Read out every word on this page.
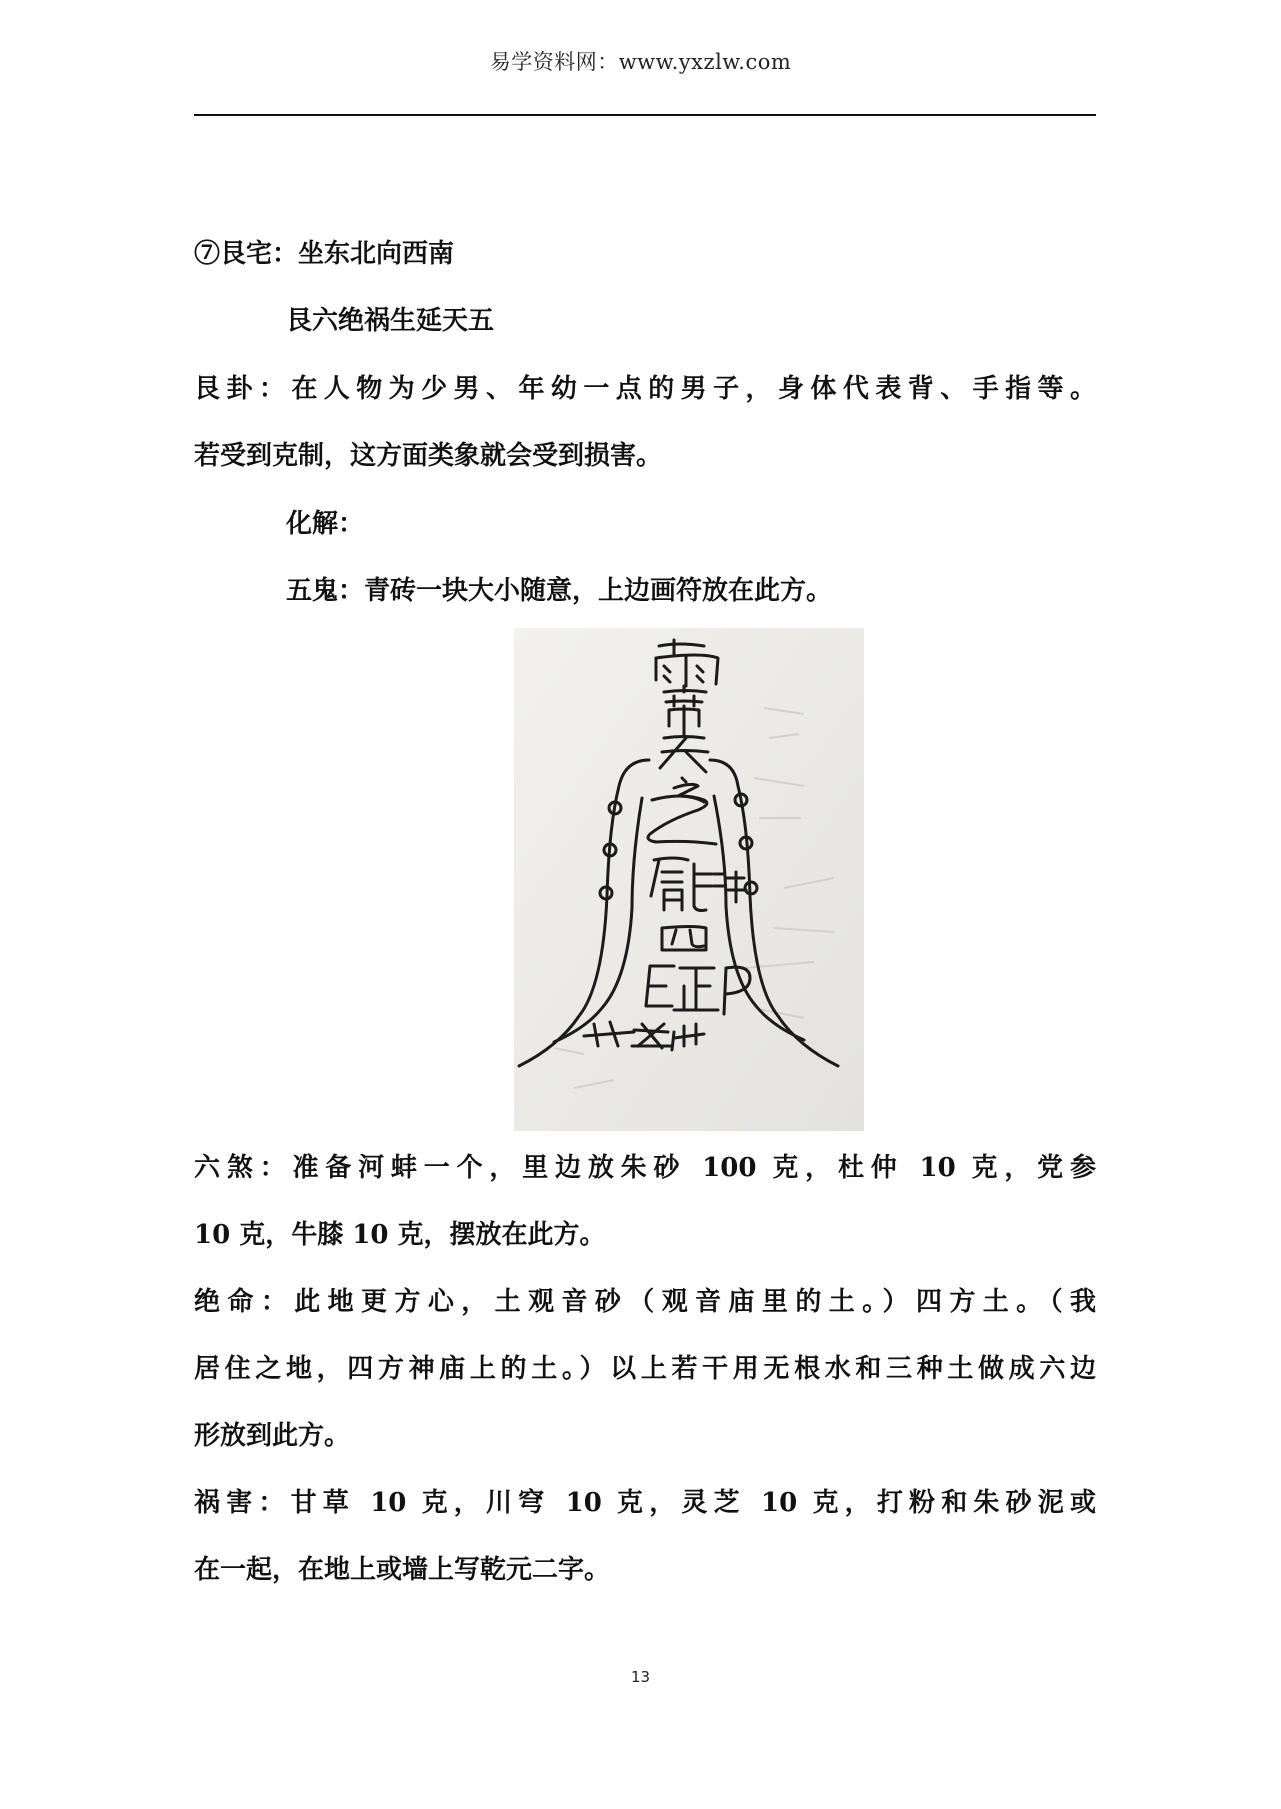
易学资料网：www.yxzlw.com
⑦艮宅：坐东北向西南
艮六绝祸生延天五
艮卦：在人物为少男、年幼一点的男子，身体代表背、手指等。
若受到克制，这方面类象就会受到损害。
化解：
五鬼：青砖一块大小随意，上边画符放在此方。
六煞：准备河蚌一个，里边放朱砂 100 克，杜仲 10 克，党参
10 克，牛膝 10 克，摆放在此方。
绝命：此地更方心，土观音砂（观音庙里的土。）四方土。（我
居住之地，四方神庙上的土。）以上若干用无根水和三种土做成六边
形放到此方。
祸害：甘草 10 克，川穹 10 克，灵芝 10 克，打粉和朱砂泥或
在一起，在地上或墙上写乾元二字。
13
